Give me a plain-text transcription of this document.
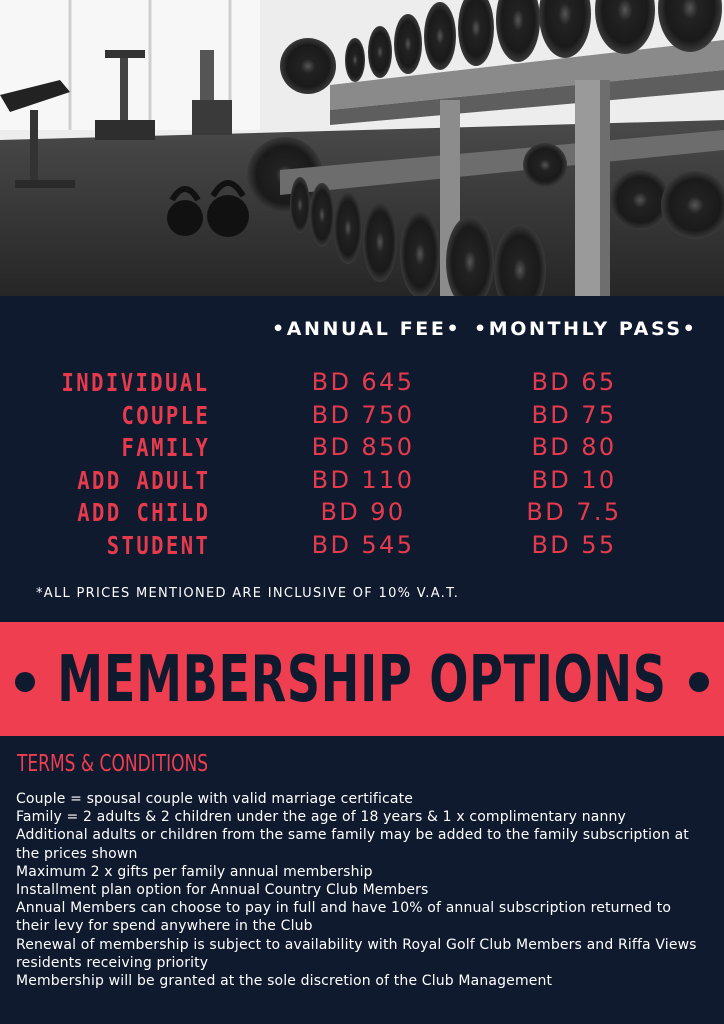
•ANNUAL FEE• •MONTHLY PASS•
INDIVIDUAL	BD 645	BD 65
COUPLE	BD 750	BD 75
FAMILY	BD 850	BD 80
ADD ADULT	BD 110	BD 10
ADD CHILD	BD 90	BD 7.5
STUDENT	BD 545	BD 55
*ALL PRICES MENTIONED ARE INCLUSIVE OF 10% V.A.T.
MEMBERSHIP OPTIONS
TERMS & CONDITIONS
Couple = spousal couple with valid marriage certificate
Family = 2 adults & 2 children under the age of 18 years & 1 x complimentary nanny
Additional adults or children from the same family may be added to the family subscription at the prices shown
Maximum 2 x gifts per family annual membership
Installment plan option for Annual Country Club Members
Annual Members can choose to pay in full and have 10% of annual subscription returned to their levy for spend anywhere in the Club
Renewal of membership is subject to availability with Royal Golf Club Members and Riffa Views residents receiving priority
Membership will be granted at the sole discretion of the Club Management
